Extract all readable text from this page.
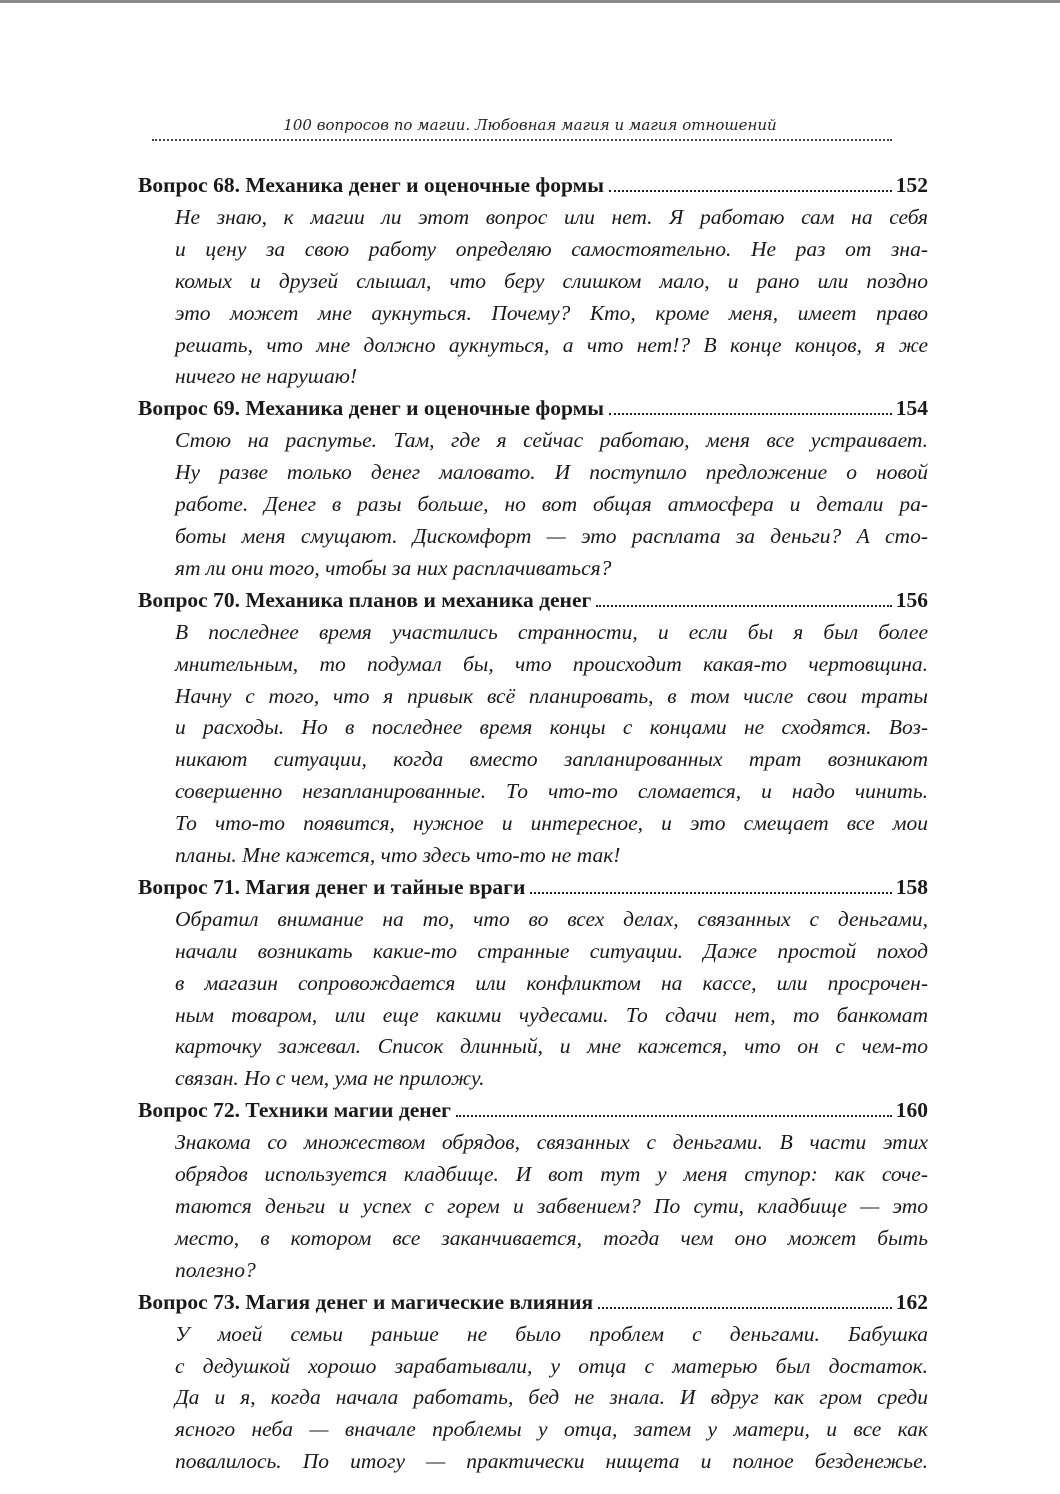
100 вопросов по магии. Любовная магия и магия отношений
Вопрос 68. Механика денег и оценочные формы	152
Не знаю, к магии ли этот вопрос или нет. Я работаю сам на себя
и цену за свою работу определяю самостоятельно. Не раз от зна-
комых и друзей слышал, что беру слишком мало, и рано или поздно
это может мне аукнуться. Почему? Кто, кроме меня, имеет право
решать, что мне должно аукнуться, а что нет!? В конце концов, я же
ничего не нарушаю!
Вопрос 69. Механика денег и оценочные формы	154
Стою на распутье. Там, где я сейчас работаю, меня все устраивает.
Ну разве только денег маловато. И поступило предложение о новой
работе. Денег в разы больше, но вот общая атмосфера и детали ра-
боты меня смущают. Дискомфорт — это расплата за деньги? А сто-
ят ли они того, чтобы за них расплачиваться?
Вопрос 70. Механика планов и механика денег	156
В последнее время участились странности, и если бы я был более
мнительным, то подумал бы, что происходит какая-то чертовщина.
Начну с того, что я привык всё планировать, в том числе свои траты
и расходы. Но в последнее время концы с концами не сходятся. Воз-
никают ситуации, когда вместо запланированных трат возникают
совершенно незапланированные. То что-то сломается, и надо чинить.
То что-то появится, нужное и интересное, и это смещает все мои
планы. Мне кажется, что здесь что-то не так!
Вопрос 71. Магия денег и тайные враги	158
Обратил внимание на то, что во всех делах, связанных с деньгами,
начали возникать какие-то странные ситуации. Даже простой поход
в магазин сопровождается или конфликтом на кассе, или просрочен-
ным товаром, или еще какими чудесами. То сдачи нет, то банкомат
карточку зажевал. Список длинный, и мне кажется, что он с чем-то
связан. Но с чем, ума не приложу.
Вопрос 72. Техники магии денег	160
Знакома со множеством обрядов, связанных с деньгами. В части этих
обрядов используется кладбище. И вот тут у меня ступор: как соче-
таются деньги и успех с горем и забвением? По сути, кладбище — это
место, в котором все заканчивается, тогда чем оно может быть
полезно?
Вопрос 73. Магия денег и магические влияния	162
У моей семьи раньше не было проблем с деньгами. Бабушка
с дедушкой хорошо зарабатывали, у отца с матерью был достаток.
Да и я, когда начала работать, бед не знала. И вдруг как гром среди
ясного неба — вначале проблемы у отца, затем у матери, и все как
повалилось. По итогу — практически нищета и полное безденежье.
